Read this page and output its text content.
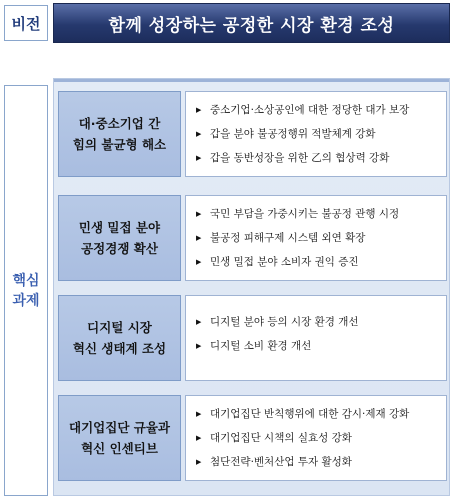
비전	함께 성장하는 공정한 시장 환경 조성
핵심
과제
대·중소기업 간
힘의 불균형 해소
▶ 중소기업·소상공인에 대한 정당한 대가 보장
▶ 갑을 분야 불공정행위 적발체계 강화
▶ 갑을 동반성장을 위한 乙의 협상력 강화
민생 밀접 분야
공정경쟁 확산
▶ 국민 부담을 가중시키는 불공정 관행 시정
▶ 불공정 피해구제 시스템 외연 확장
▶ 민생 밀접 분야 소비자 권익 증진
디지털 시장
혁신 생태계 조성
▶ 디지털 분야 등의 시장 환경 개선
▶ 디지털 소비 환경 개선
대기업집단 규율과
혁신 인센티브
▶ 대기업집단 반칙행위에 대한 감시·제재 강화
▶ 대기업집단 시책의 실효성 강화
▶ 첨단전략·벤처산업 투자 활성화
